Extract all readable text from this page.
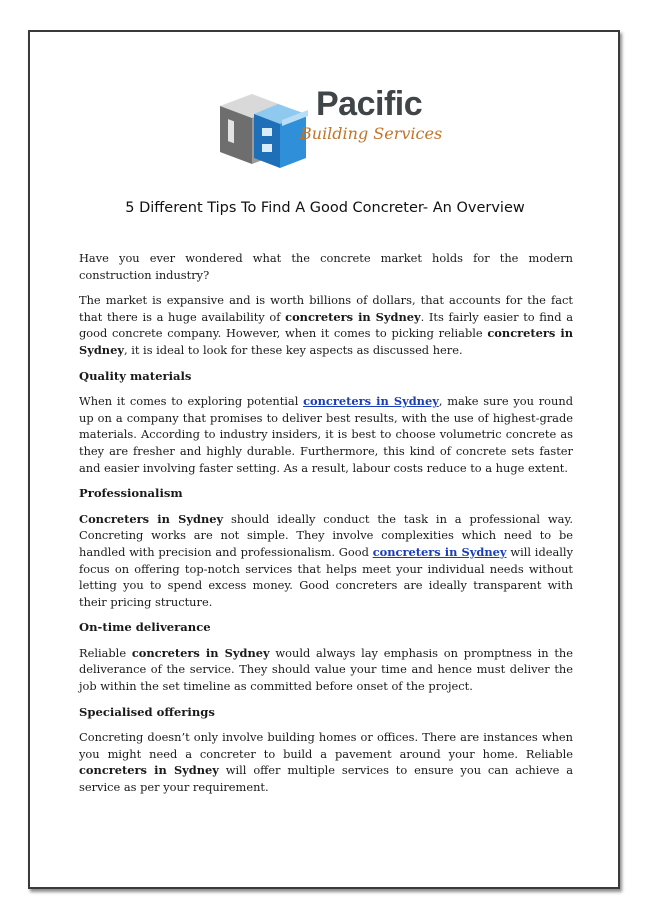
Pacific
Building Services
5 Different Tips To Find A Good Concreter- An Overview

Have you ever wondered what the concrete market holds for the modern construction industry?

The market is expansive and is worth billions of dollars, that accounts for the fact that there is a huge availability of concreters in Sydney. Its fairly easier to find a good concrete company. However, when it comes to picking reliable concreters in Sydney, it is ideal to look for these key aspects as discussed here.

Quality materials

When it comes to exploring potential concreters in Sydney, make sure you round up on a company that promises to deliver best results, with the use of highest-grade materials. According to industry insiders, it is best to choose volumetric concrete as they are fresher and highly durable. Furthermore, this kind of concrete sets faster and easier involving faster setting. As a result, labour costs reduce to a huge extent.

Professionalism

Concreters in Sydney should ideally conduct the task in a professional way. Concreting works are not simple. They involve complexities which need to be handled with precision and professionalism. Good concreters in Sydney will ideally focus on offering top-notch services that helps meet your individual needs without letting you to spend excess money. Good concreters are ideally transparent with their pricing structure.

On-time deliverance

Reliable concreters in Sydney would always lay emphasis on promptness in the deliverance of the service. They should value your time and hence must deliver the job within the set timeline as committed before onset of the project.

Specialised offerings

Concreting doesn’t only involve building homes or offices. There are instances when you might need a concreter to build a pavement around your home. Reliable concreters in Sydney will offer multiple services to ensure you can achieve a service as per your requirement.
